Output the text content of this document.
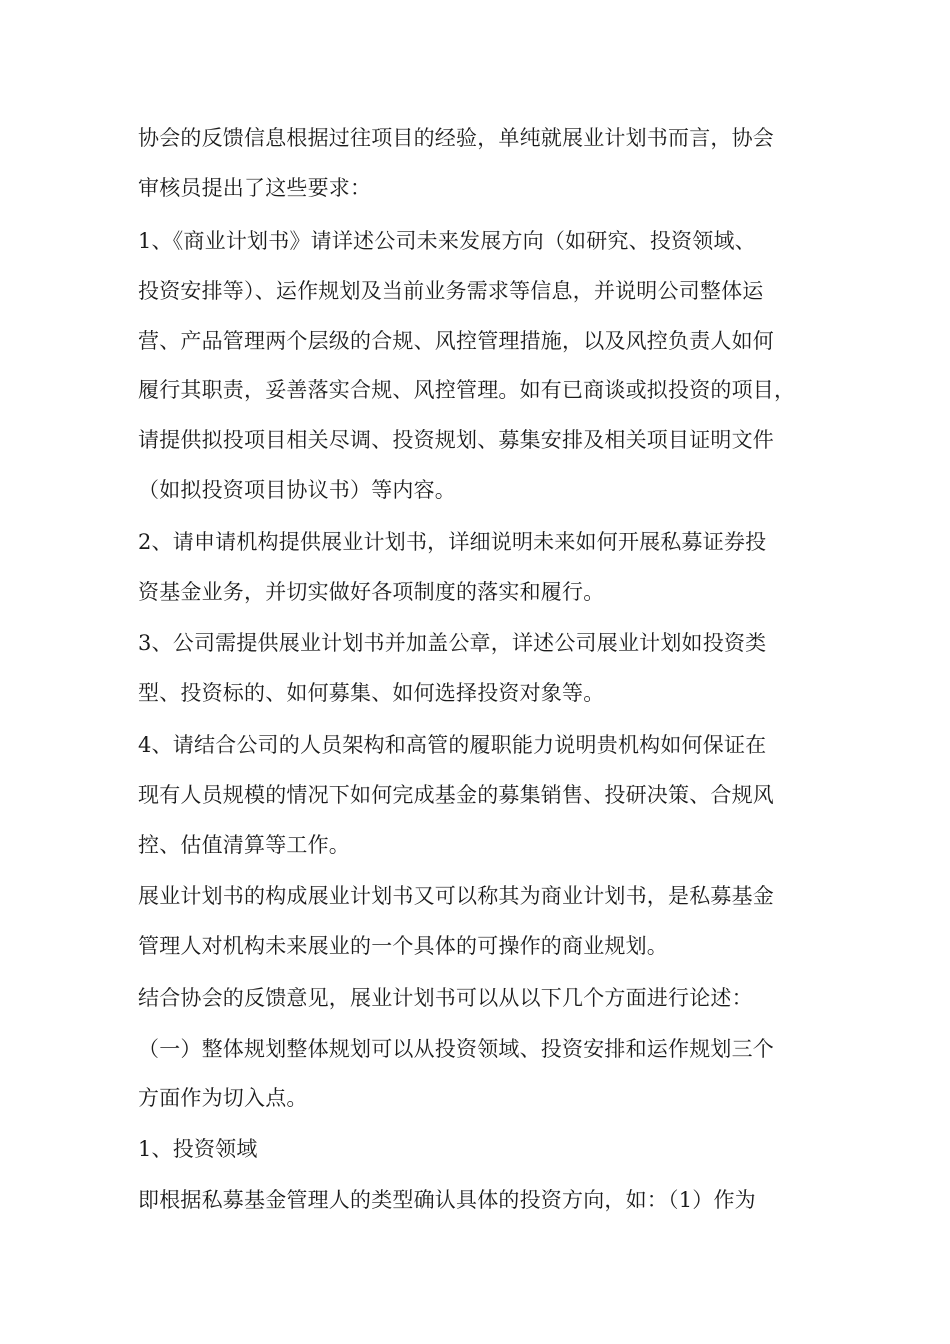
协会的反馈信息根据过往项目的经验，单纯就展业计划书而言，协会
审核员提出了这些要求：
1、《商业计划书》请详述公司未来发展方向（如研究、投资领域、
投资安排等）、运作规划及当前业务需求等信息，并说明公司整体运
营、产品管理两个层级的合规、风控管理措施，以及风控负责人如何
履行其职责，妥善落实合规、风控管理。如有已商谈或拟投资的项目，
请提供拟投项目相关尽调、投资规划、募集安排及相关项目证明文件
（如拟投资项目协议书）等内容。
2、请申请机构提供展业计划书，详细说明未来如何开展私募证券投
资基金业务，并切实做好各项制度的落实和履行。
3、公司需提供展业计划书并加盖公章，详述公司展业计划如投资类
型、投资标的、如何募集、如何选择投资对象等。
4、请结合公司的人员架构和高管的履职能力说明贵机构如何保证在
现有人员规模的情况下如何完成基金的募集销售、投研决策、合规风
控、估值清算等工作。
展业计划书的构成展业计划书又可以称其为商业计划书，是私募基金
管理人对机构未来展业的一个具体的可操作的商业规划。
结合协会的反馈意见，展业计划书可以从以下几个方面进行论述：
（一）整体规划整体规划可以从投资领域、投资安排和运作规划三个
方面作为切入点。
1、投资领域
即根据私募基金管理人的类型确认具体的投资方向，如：（1）作为
